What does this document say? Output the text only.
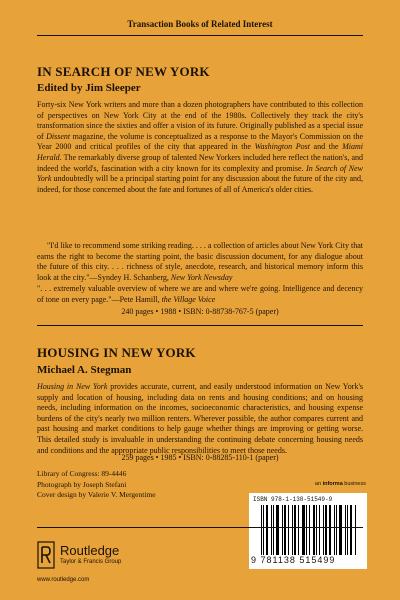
Transaction Books of Related Interest
IN SEARCH OF NEW YORK
Edited by Jim Sleeper

Forty-six New York writers and more than a dozen photographers have contributed to this collection of perspectives on New York City at the end of the 1980s. Collectively they track the city's transformation since the sixties and offer a vision of its future. Originally published as a special issue of Dissent magazine, the volume is conceptualized as a response to the Mayor's Commission on the Year 2000 and critical profiles of the city that appeared in the Washington Post and the Miami Herald. The remarkably diverse group of talented New Yorkers included here reflect the nation's, and indeed the world's, fascination with a city known for its complexity and promise. In Search of New York undoubtedly will be a principal starting point for any discussion about the future of the city and, indeed, for those concerned about the fate and fortunes of all of America's older cities.

"I'd like to recommend some striking reading. . . . a collection of articles about New York City that earns the right to become the starting point, the basic discussion document, for any dialogue about the future of this city. . . . richness of style, anecdote, research, and historical memory inform this look at the city."—Syndey H. Schanberg, New York Newsday

". . . extremely valuable overview of where we are and where we're going. Intelligence and decency of tone on every page."—Pete Hamill, the Village Voice

240 pages • 1988 • ISBN: 0-88738-767-5 (paper)
HOUSING IN NEW YORK
Michael A. Stegman

Housing in New York provides accurate, current, and easily understood information on New York's supply and location of housing, including data on rents and housing conditions; and on housing needs, including information on the incomes, socioeconomic characteristics, and housing expense burdens of the city's nearly two million renters. Wherever possible, the author compares current and past housing and market conditions to help gauge whether things are improving or getting worse. This detailed study is invaluable in understanding the continuing debate concerning housing needs and conditions and the appropriate public responsibilities to meet those needs.

259 pages • 1985 • ISBN: 0-88285-110-1 (paper)
Library of Congress: 89-4446
Photograph by Joseph Stefani
Cover design by Valerie V. Mergentime
an informa business
ISBN 978-1-138-51549-9
9 781138 515499
Routledge
Taylor & Francis Group
www.routledge.com
